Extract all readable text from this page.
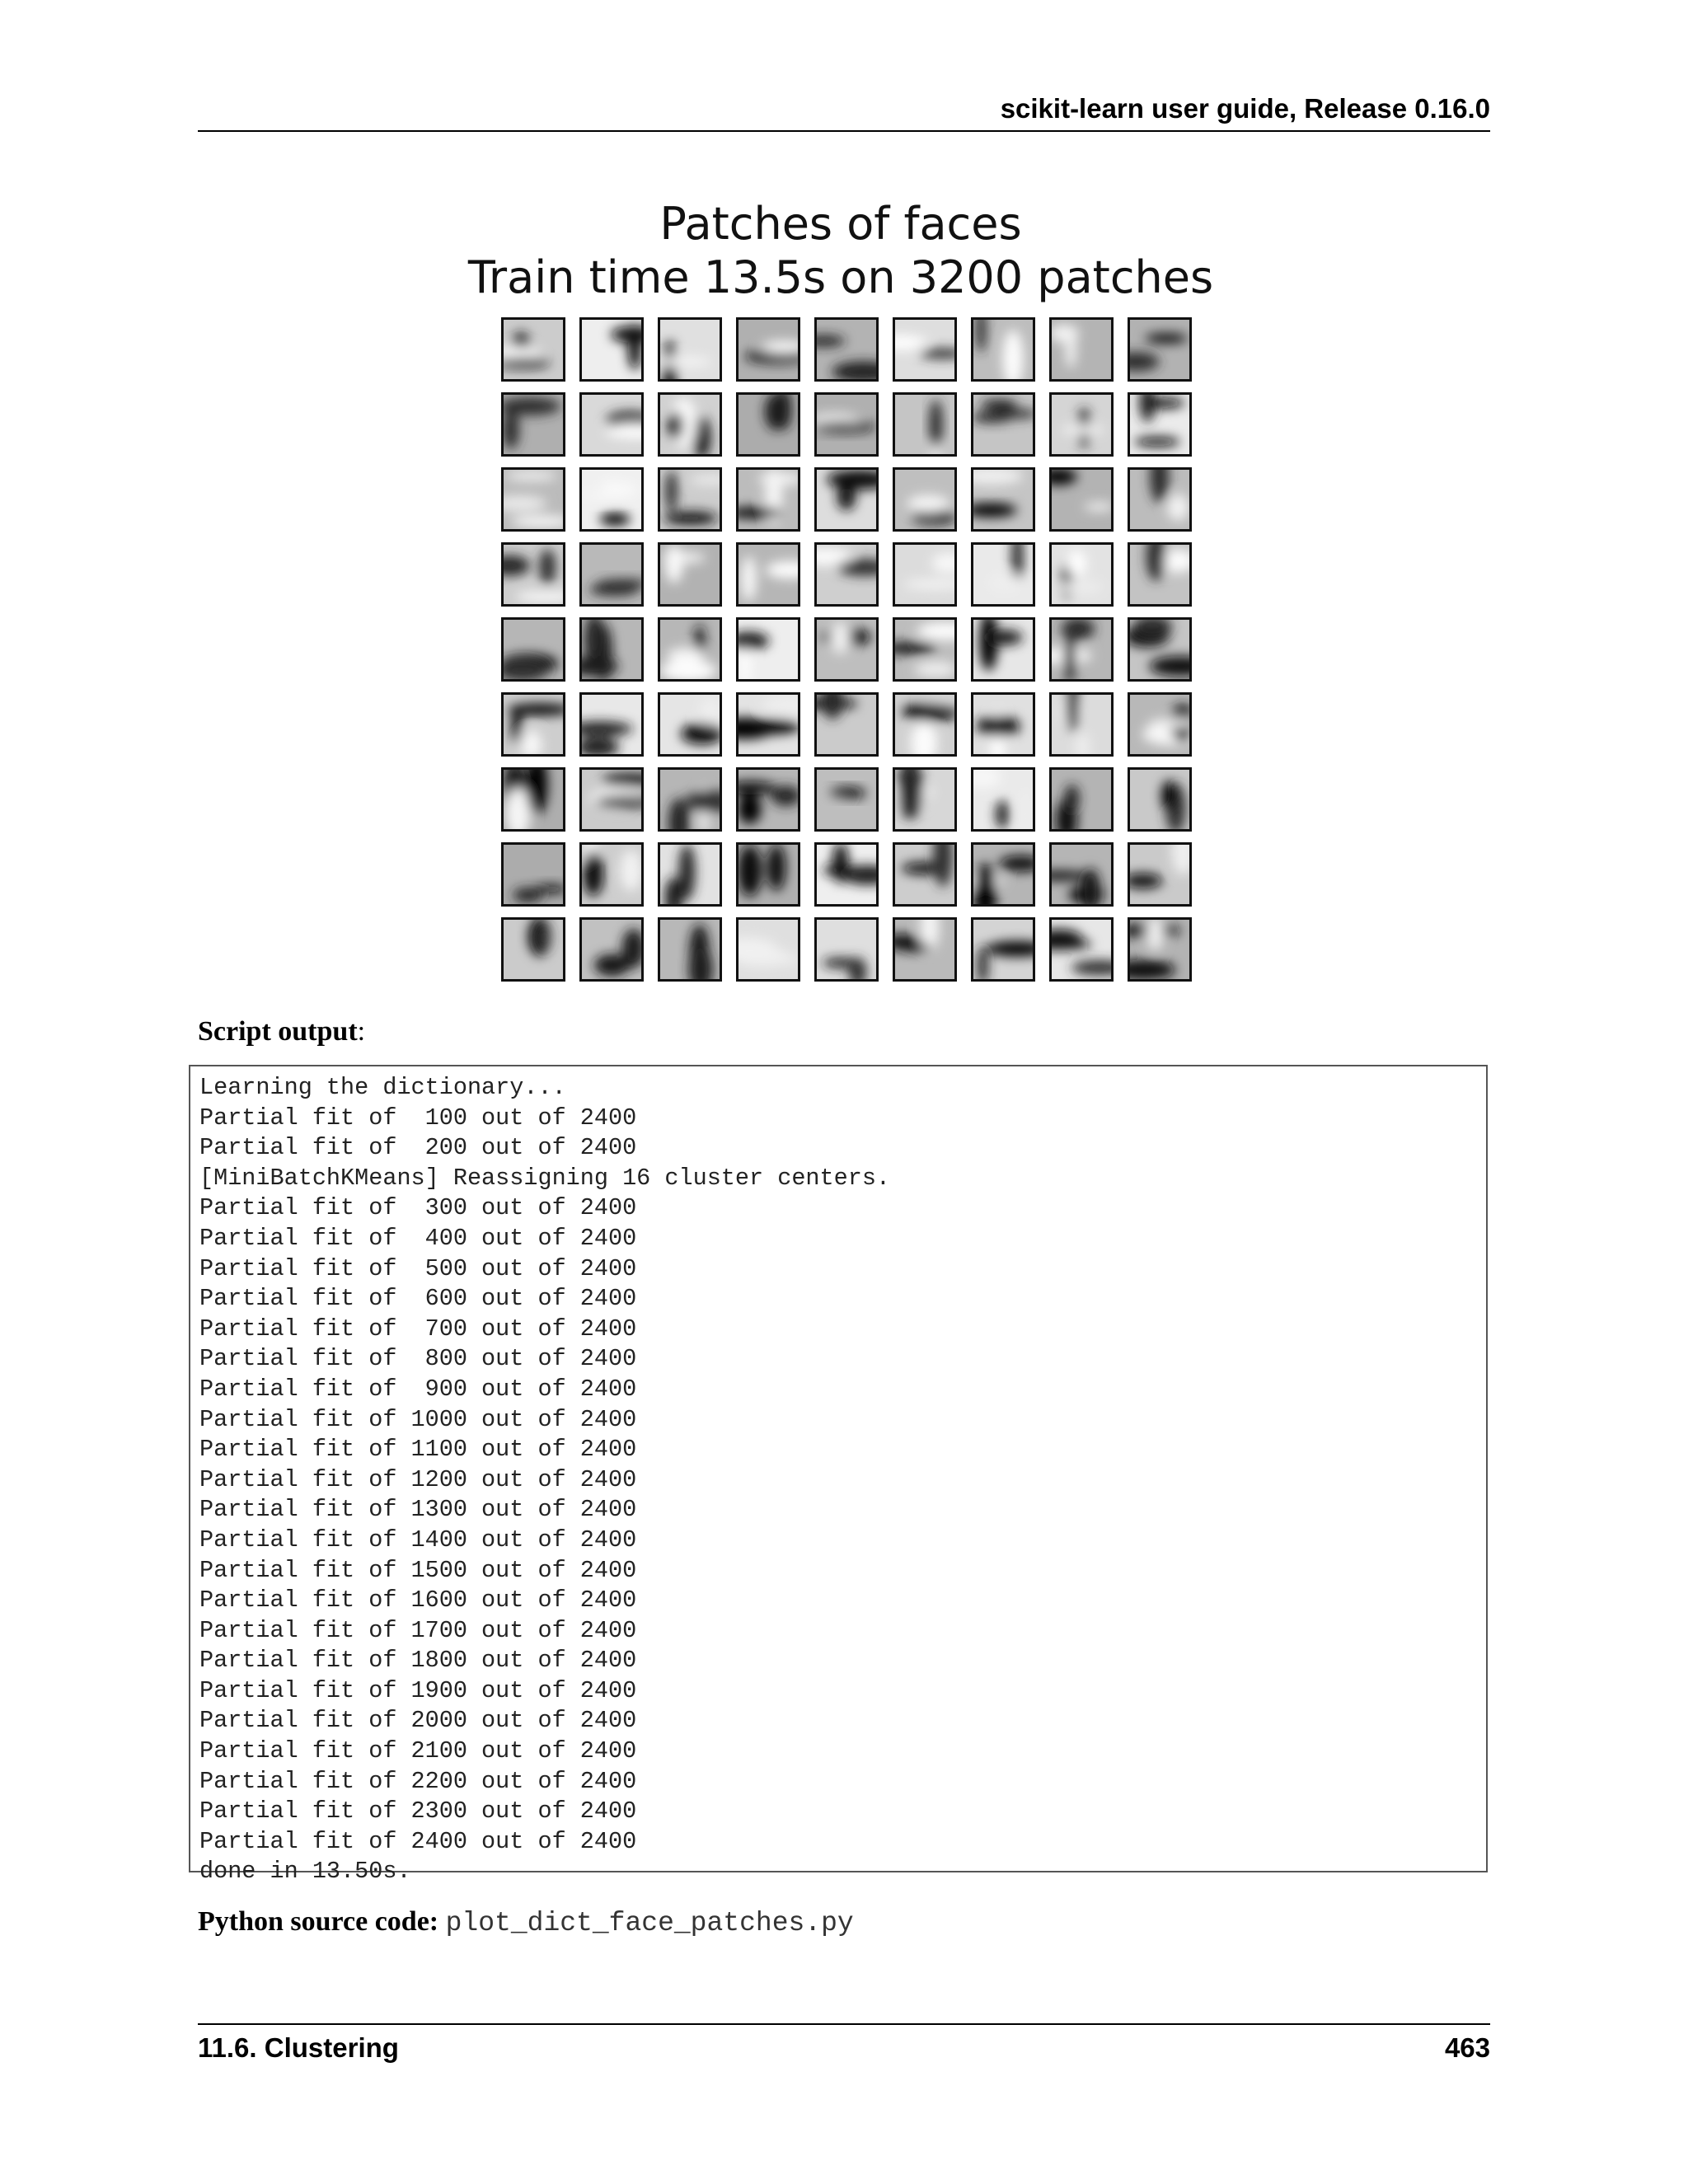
scikit-learn user guide, Release 0.16.0
Patches of faces
Train time 13.5s on 3200 patches
Script output:
Learning the dictionary...
Partial fit of  100 out of 2400
Partial fit of  200 out of 2400
[MiniBatchKMeans] Reassigning 16 cluster centers.
Partial fit of  300 out of 2400
Partial fit of  400 out of 2400
Partial fit of  500 out of 2400
Partial fit of  600 out of 2400
Partial fit of  700 out of 2400
Partial fit of  800 out of 2400
Partial fit of  900 out of 2400
Partial fit of 1000 out of 2400
Partial fit of 1100 out of 2400
Partial fit of 1200 out of 2400
Partial fit of 1300 out of 2400
Partial fit of 1400 out of 2400
Partial fit of 1500 out of 2400
Partial fit of 1600 out of 2400
Partial fit of 1700 out of 2400
Partial fit of 1800 out of 2400
Partial fit of 1900 out of 2400
Partial fit of 2000 out of 2400
Partial fit of 2100 out of 2400
Partial fit of 2200 out of 2400
Partial fit of 2300 out of 2400
Partial fit of 2400 out of 2400
done in 13.50s.
Python source code: plot_dict_face_patches.py
11.6. Clustering	463
